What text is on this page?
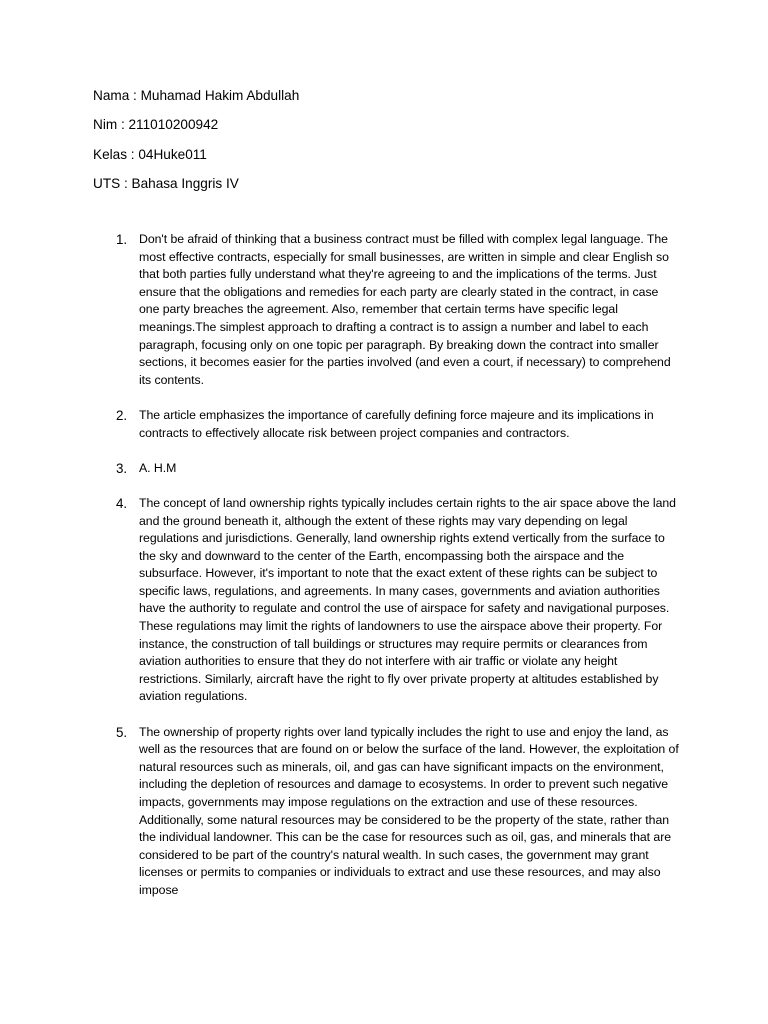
Nama : Muhamad Hakim Abdullah
Nim : 211010200942
Kelas : 04Huke011
UTS : Bahasa Inggris IV
1. Don't be afraid of thinking that a business contract must be filled with complex legal language. The most effective contracts, especially for small businesses, are written in simple and clear English so that both parties fully understand what they're agreeing to and the implications of the terms. Just ensure that the obligations and remedies for each party are clearly stated in the contract, in case one party breaches the agreement. Also, remember that certain terms have specific legal meanings.The simplest approach to drafting a contract is to assign a number and label to each paragraph, focusing only on one topic per paragraph. By breaking down the contract into smaller sections, it becomes easier for the parties involved (and even a court, if necessary) to comprehend its contents.
2. The article emphasizes the importance of carefully defining force majeure and its implications in contracts to effectively allocate risk between project companies and contractors.
3. A. H.M
4. The concept of land ownership rights typically includes certain rights to the air space above the land and the ground beneath it, although the extent of these rights may vary depending on legal regulations and jurisdictions. Generally, land ownership rights extend vertically from the surface to the sky and downward to the center of the Earth, encompassing both the airspace and the subsurface. However, it's important to note that the exact extent of these rights can be subject to specific laws, regulations, and agreements. In many cases, governments and aviation authorities have the authority to regulate and control the use of airspace for safety and navigational purposes. These regulations may limit the rights of landowners to use the airspace above their property. For instance, the construction of tall buildings or structures may require permits or clearances from aviation authorities to ensure that they do not interfere with air traffic or violate any height restrictions. Similarly, aircraft have the right to fly over private property at altitudes established by aviation regulations.
5. The ownership of property rights over land typically includes the right to use and enjoy the land, as well as the resources that are found on or below the surface of the land. However, the exploitation of natural resources such as minerals, oil, and gas can have significant impacts on the environment, including the depletion of resources and damage to ecosystems. In order to prevent such negative impacts, governments may impose regulations on the extraction and use of these resources. Additionally, some natural resources may be considered to be the property of the state, rather than the individual landowner. This can be the case for resources such as oil, gas, and minerals that are considered to be part of the country's natural wealth. In such cases, the government may grant licenses or permits to companies or individuals to extract and use these resources, and may also impose
